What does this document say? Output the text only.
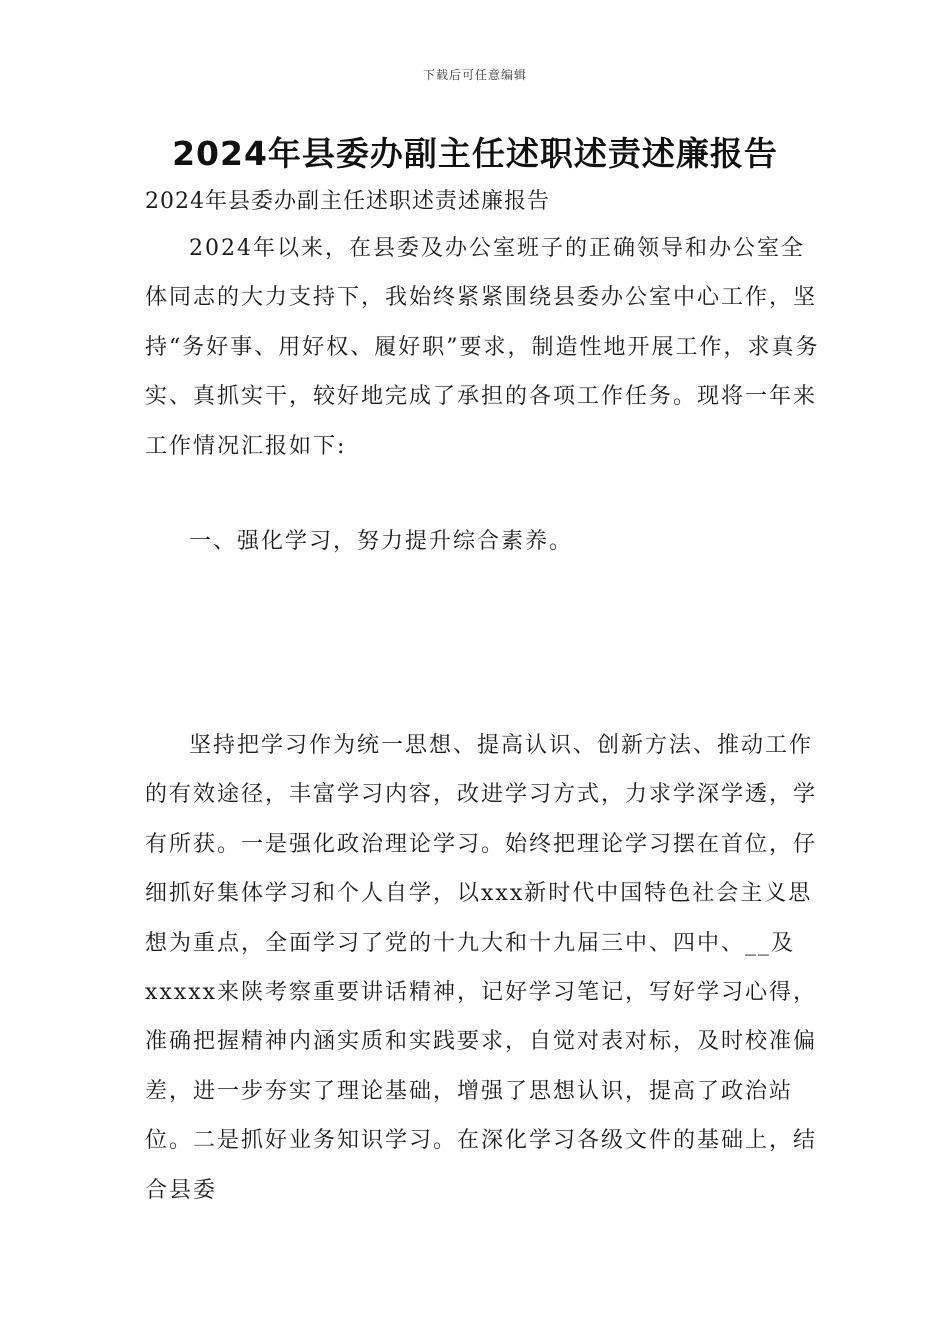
下载后可任意编辑
2024年县委办副主任述职述责述廉报告
2024年县委办副主任述职述责述廉报告

2024年以来，在县委及办公室班子的正确领导和办公室全体同志的大力支持下，我始终紧紧围绕县委办公室中心工作，坚持“务好事、用好权、履好职”要求，制造性地开展工作，求真务实、真抓实干，较好地完成了承担的各项工作任务。现将一年来工作情况汇报如下:

一、强化学习，努力提升综合素养。

坚持把学习作为统一思想、提高认识、创新方法、推动工作的有效途径，丰富学习内容，改进学习方式，力求学深学透，学有所获。一是强化政治理论学习。始终把理论学习摆在首位，仔细抓好集体学习和个人自学，以xxx新时代中国特色社会主义思想为重点，全面学习了党的十九大和十九届三中、四中、__及xxxxx来陕考察重要讲话精神，记好学习笔记，写好学习心得，准确把握精神内涵实质和实践要求，自觉对表对标，及时校准偏差，进一步夯实了理论基础，增强了思想认识，提高了政治站位。二是抓好业务知识学习。在深化学习各级文件的基础上，结合县委
